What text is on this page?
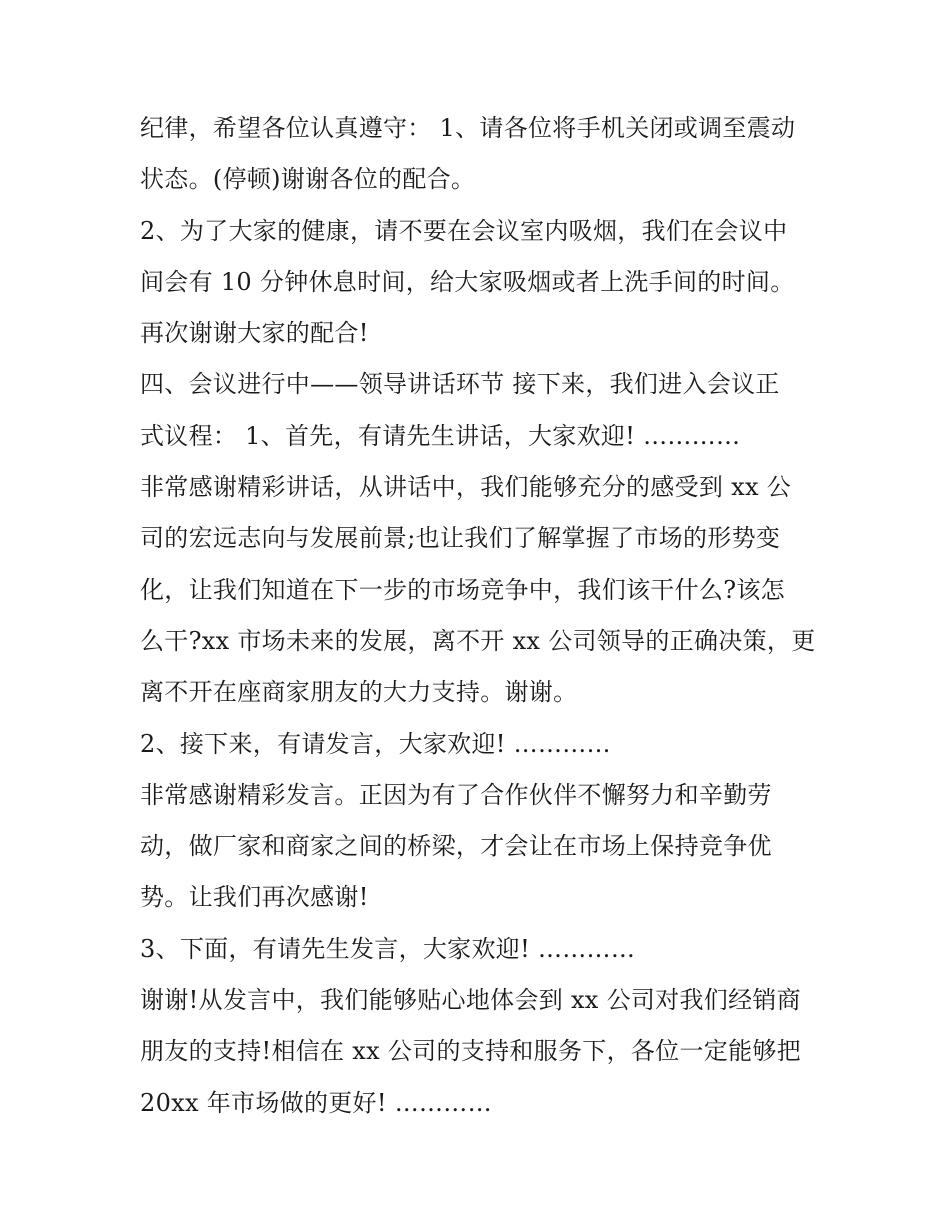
纪律，希望各位认真遵守： 1、请各位将手机关闭或调至震动
状态。(停顿)谢谢各位的配合。
2、为了大家的健康，请不要在会议室内吸烟，我们在会议中
间会有 10 分钟休息时间，给大家吸烟或者上洗手间的时间。
再次谢谢大家的配合!
四、会议进行中——领导讲话环节 接下来，我们进入会议正
式议程： 1、首先，有请先生讲话，大家欢迎! …………
非常感谢精彩讲话，从讲话中，我们能够充分的感受到 xx 公
司的宏远志向与发展前景;也让我们了解掌握了市场的形势变
化，让我们知道在下一步的市场竞争中，我们该干什么?该怎
么干?xx 市场未来的发展，离不开 xx 公司领导的正确决策，更
离不开在座商家朋友的大力支持。谢谢。
2、接下来，有请发言，大家欢迎! …………
非常感谢精彩发言。正因为有了合作伙伴不懈努力和辛勤劳
动，做厂家和商家之间的桥梁，才会让在市场上保持竞争优
势。让我们再次感谢!
3、下面，有请先生发言，大家欢迎! …………
谢谢!从发言中，我们能够贴心地体会到 xx 公司对我们经销商
朋友的支持!相信在 xx 公司的支持和服务下，各位一定能够把
20xx 年市场做的更好! …………
